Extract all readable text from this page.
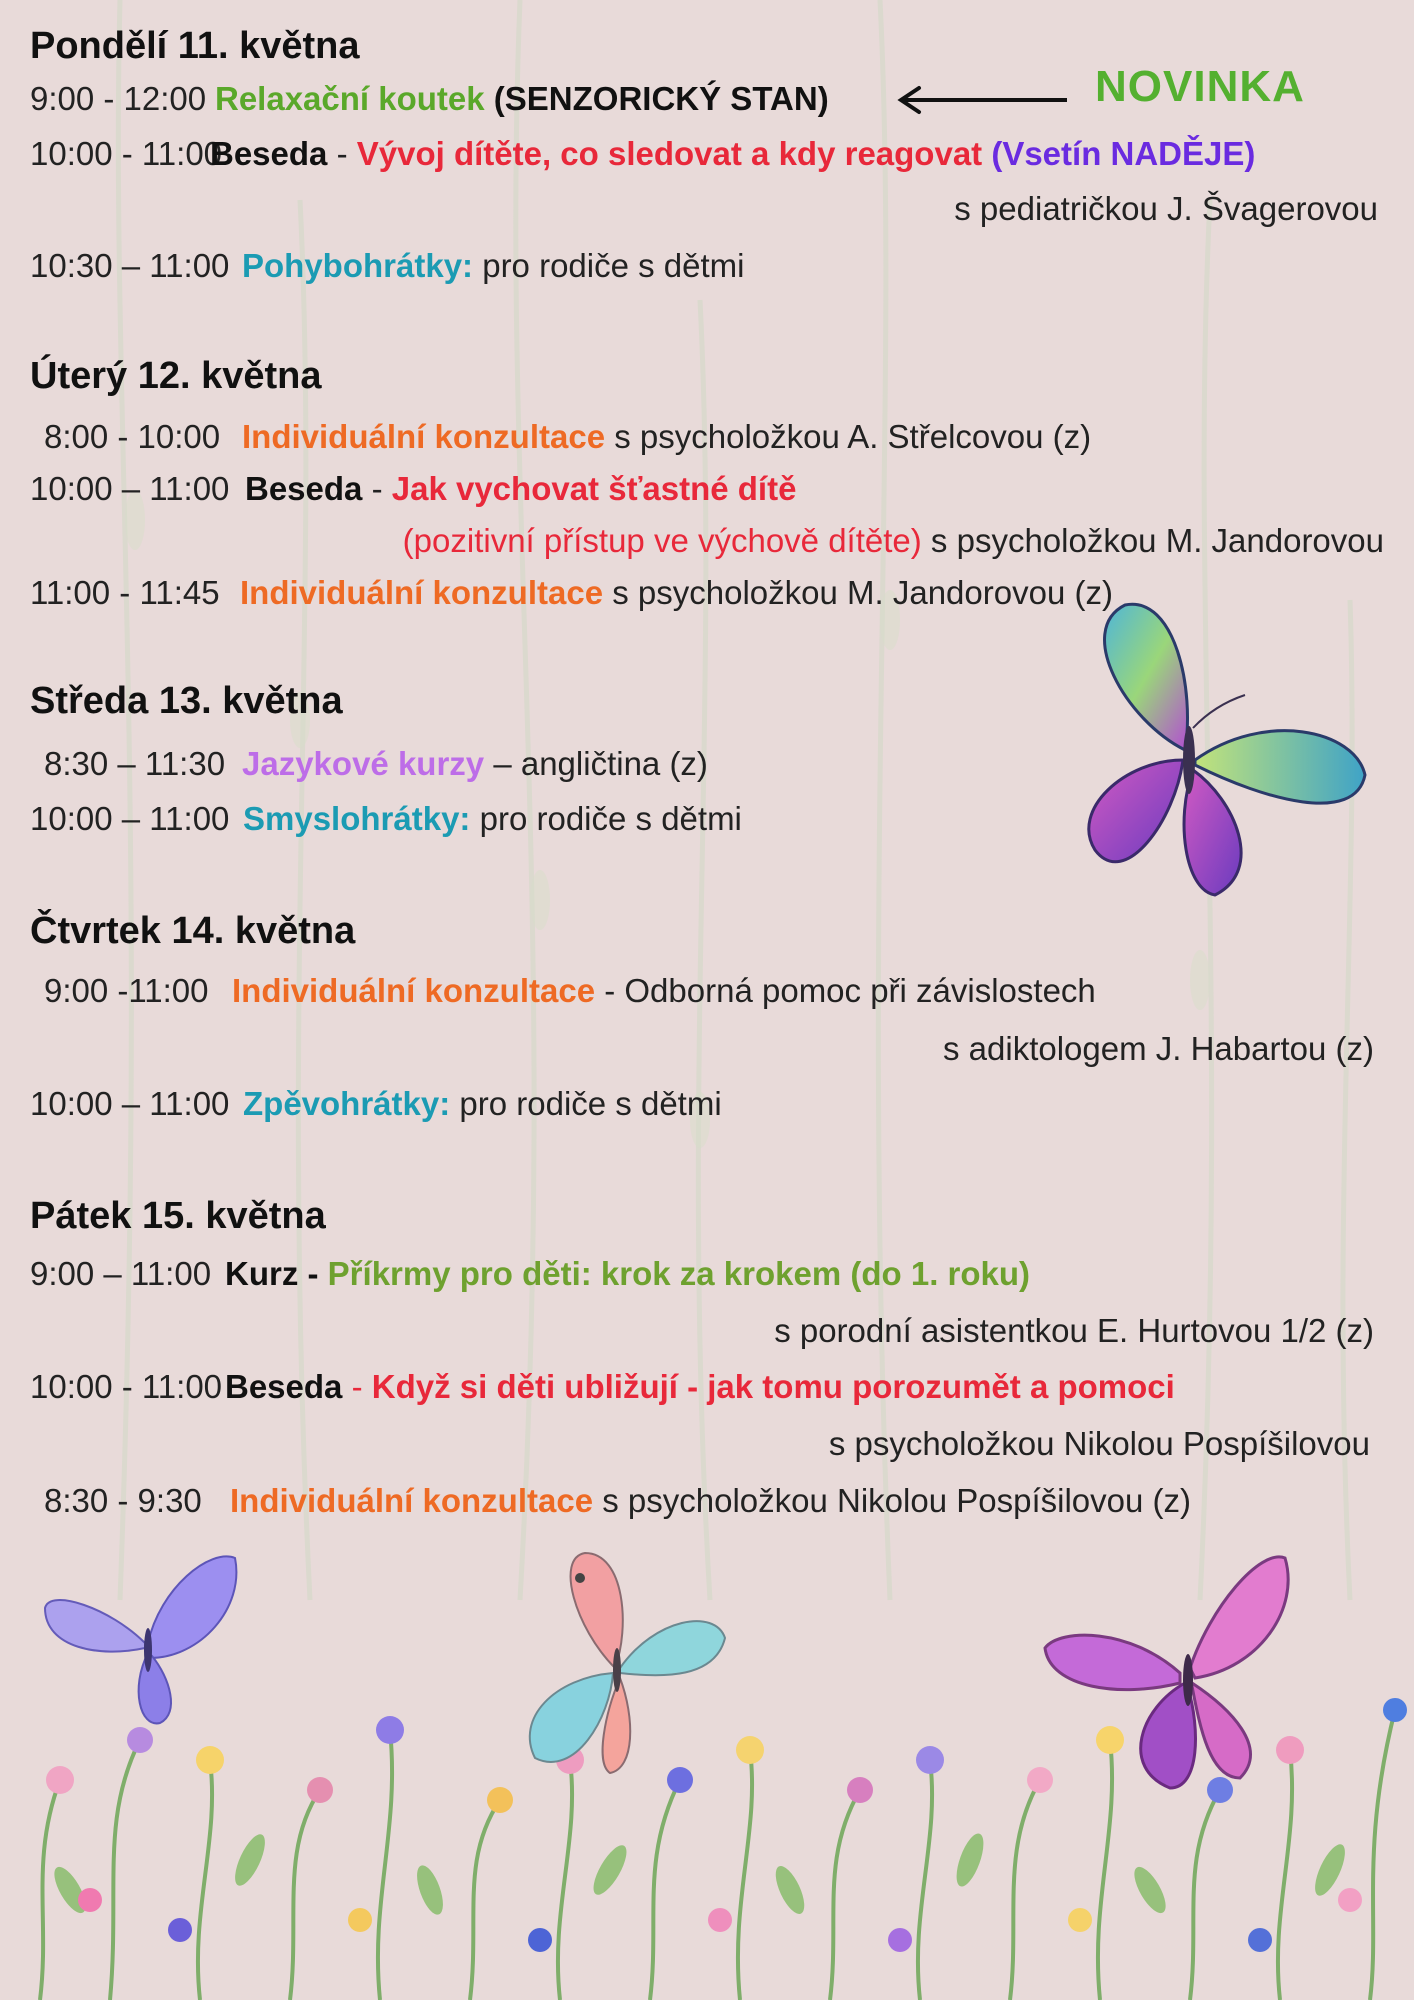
Pondělí 11. května
9:00 - 12:00 Relaxační koutek (SENZORICKÝ STAN)	NOVINKA
10:00 - 11:00Beseda - Vývoj dítěte, co sledovat a kdy reagovat (Vsetín NADĚJE)
s pediatričkou J. Švagerovou
10:30 – 11:00 Pohybohrátky: pro rodiče s dětmi
Úterý 12. května
8:00 - 10:00 Individuální konzultace s psycholožkou A. Střelcovou (z)
10:00 – 11:00 Beseda - Jak vychovat šťastné dítě
(pozitivní přístup ve výchově dítěte) s psycholožkou M. Jandorovou
11:00 - 11:45 Individuální konzultace s psycholožkou M. Jandorovou (z)
Středa 13. května
8:30 – 11:30 Jazykové kurzy – angličtina (z)
10:00 – 11:00 Smyslohrátky: pro rodiče s dětmi
Čtvrtek 14. května
9:00 -11:00 Individuální konzultace - Odborná pomoc při závislostech
s adiktologem J. Habartou (z)
10:00 – 11:00 Zpěvohrátky: pro rodiče s dětmi
Pátek 15. května
9:00 – 11:00 Kurz - Příkrmy pro děti: krok za krokem (do 1. roku)
s porodní asistentkou E. Hurtovou 1/2 (z)
10:00 - 11:00Beseda - Když si děti ubližují - jak tomu porozumět a pomoci
s psycholožkou Nikolou Pospíšilovou
8:30 - 9:30 Individuální konzultace s psycholožkou Nikolou Pospíšilovou (z)
